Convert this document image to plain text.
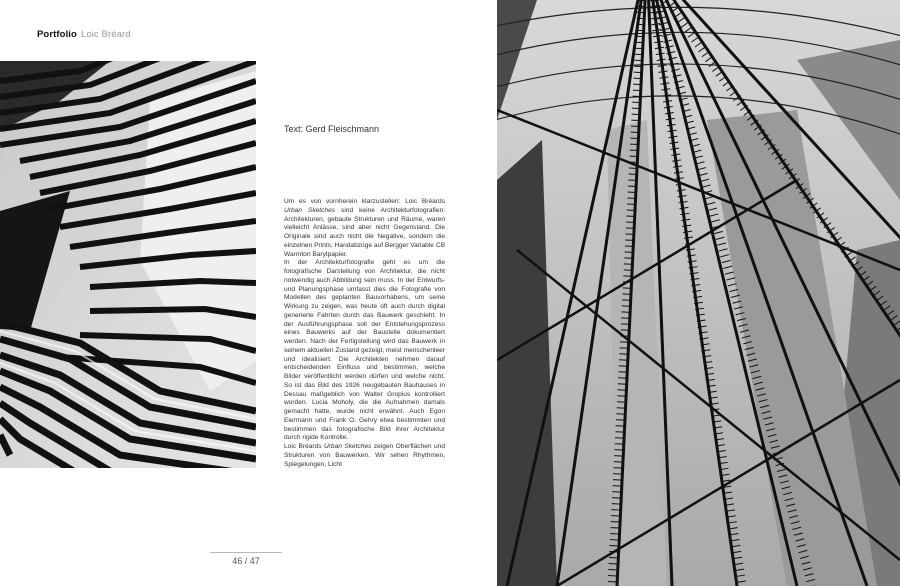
Portfolio Loic Bréard
Text: Gerd Fleischmann

Um es von vornherein klarzustellen: Loic Bréards Urban Sketches sind keine Architekturfotografien: Architekturen, gebaute Strukturen und Räume, waren vielleicht Anlässe, sind aber nicht Gegenstand. Die Originale sind auch nicht die Negative, sondern die einzelnen Prints, Handabzüge auf Bergger Variable CB Warmton Barytpapier.

In der Architekturfotografie geht es um die fotografische Darstellung von Architektur, die nicht notwendig auch Abbildung sein muss. In der Entwurfs- und Planungsphase umfasst dies die Fotografie von Modellen des geplanten Bauvorhabens, um seine Wirkung zu zeigen, was heute oft auch durch digital generierte Fahrten durch das Bauwerk geschieht. In der Ausführungsphase soll der Entstehungsprozess eines Bauwerks auf der Baustelle dokumentiert werden. Nach der Fertigstellung wird das Bauwerk in seinem aktuellen Zustand gezeigt, meist menschenleer und idealisiert. Die Architekten nehmen darauf entscheidenden Einfluss und bestimmen, welche Bilder veröffentlicht werden dürfen und welche nicht. So ist das Bild des 1926 neugebauten Bauhauses in Dessau maßgeblich von Walter Gropius kontrolliert worden. Lucia Moholy, die die Aufnahmen damals gemacht hatte, wurde nicht erwähnt. Auch Egon Eiermann und Frank O. Gehry etwa bestimmten und bestimmen das fotografische Bild ihrer Architektur durch rigide Kontrolle.

Loic Bréards Urban Sketches zeigen Oberflächen und Strukturen von Bauwerken. Wir sehen Rhythmen, Spiegelungen, Licht

46 / 47
